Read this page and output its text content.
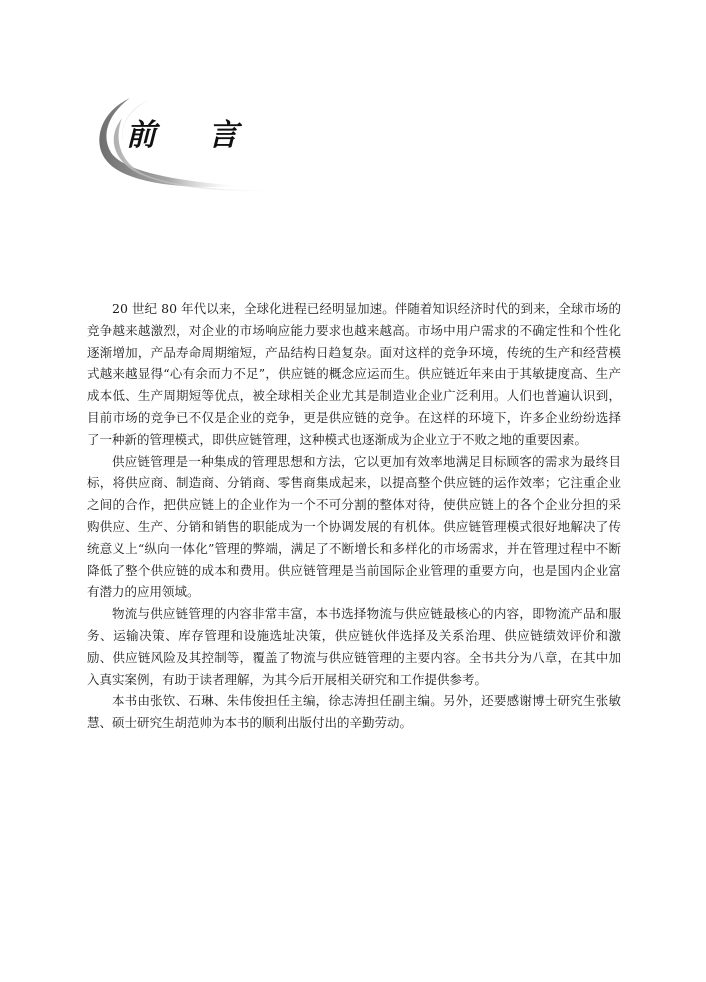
前言

20 世纪 80 年代以来，全球化进程已经明显加速。伴随着知识经济时代的到来，全球市场的竞争越来越激烈，对企业的市场响应能力要求也越来越高。市场中用户需求的不确定性和个性化逐渐增加，产品寿命周期缩短，产品结构日趋复杂。面对这样的竞争环境，传统的生产和经营模式越来越显得“心有余而力不足”，供应链的概念应运而生。供应链近年来由于其敏捷度高、生产成本低、生产周期短等优点，被全球相关企业尤其是制造业企业广泛利用。人们也普遍认识到，目前市场的竞争已不仅是企业的竞争，更是供应链的竞争。在这样的环境下，许多企业纷纷选择了一种新的管理模式，即供应链管理，这种模式也逐渐成为企业立于不败之地的重要因素。

供应链管理是一种集成的管理思想和方法，它以更加有效率地满足目标顾客的需求为最终目标，将供应商、制造商、分销商、零售商集成起来，以提高整个供应链的运作效率；它注重企业之间的合作，把供应链上的企业作为一个不可分割的整体对待，使供应链上的各个企业分担的采购供应、生产、分销和销售的职能成为一个协调发展的有机体。供应链管理模式很好地解决了传统意义上“纵向一体化”管理的弊端，满足了不断增长和多样化的市场需求，并在管理过程中不断降低了整个供应链的成本和费用。供应链管理是当前国际企业管理的重要方向，也是国内企业富有潜力的应用领域。

物流与供应链管理的内容非常丰富，本书选择物流与供应链最核心的内容，即物流产品和服务、运输决策、库存管理和设施选址决策，供应链伙伴选择及关系治理、供应链绩效评价和激励、供应链风险及其控制等，覆盖了物流与供应链管理的主要内容。全书共分为八章，在其中加入真实案例，有助于读者理解，为其今后开展相关研究和工作提供参考。

本书由张钦、石琳、朱伟俊担任主编，徐志涛担任副主编。另外，还要感谢博士研究生张敏慧、硕士研究生胡范帅为本书的顺利出版付出的辛勤劳动。
